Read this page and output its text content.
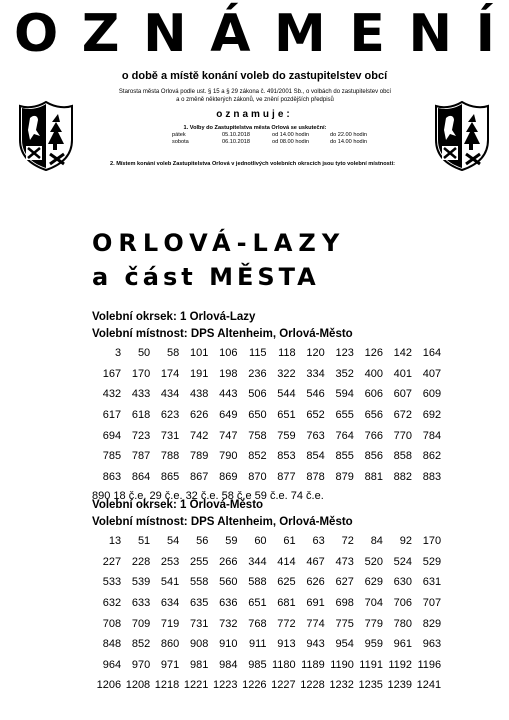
O Z N Á M E N Í
o době a místě konání voleb do zastupitelstev obcí
Starosta města Orlová podle ust. § 15 a § 29 zákona č. 491/2001 Sb., o volbách do zastupitelstev obcí
a o změně některých zákonů, ve znění pozdějších předpisů
oznamuje:
1. Volby do Zastupitelstva města Orlová se uskuteční:
pátek	05.10.2018	od 14.00 hodin	do 22.00 hodin
sobota	06.10.2018	od 08.00 hodin	do 14.00 hodin
2. Místem konání voleb Zastupitelstva Orlová v jednotlivých volebních okrscích jsou tyto volební místnosti:
ORLOVÁ-LAZY
a část MĚSTA
Volební okrsek: 1 Orlová-Lazy
Volební místnost: DPS Altenheim, Orlová-Město
3	50	58	101	106	115	118	120	123	126	142	164
167	170	174	191	198	236	322	334	352	400	401	407
432	433	434	438	443	506	544	546	594	606	607	609
617	618	623	626	649	650	651	652	655	656	672	692
694	723	731	742	747	758	759	763	764	766	770	784
785	787	788	789	790	852	853	854	855	856	858	862
863	864	865	867	869	870	877	878	879	881	882	883
890 18 č.e. 29 č.e. 32 č.e. 58 č.e 59 č.e. 74 č.e.
Volební okrsek: 1 Orlová-Město
Volební místnost: DPS Altenheim, Orlová-Město
13	51	54	56	59	60	61	63	72	84	92	170
227	228	253	255	266	344	414	467	473	520	524	529
533	539	541	558	560	588	625	626	627	629	630	631
632	633	634	635	636	651	681	691	698	704	706	707
708	709	719	731	732	768	772	774	775	779	780	829
848	852	860	908	910	911	913	943	954	959	961	963
964	970	971	981	984	985	1180	1189	1190	1191	1192	1196
1206	1208	1218	1221	1223	1226	1227	1228	1232	1235	1239	1241
